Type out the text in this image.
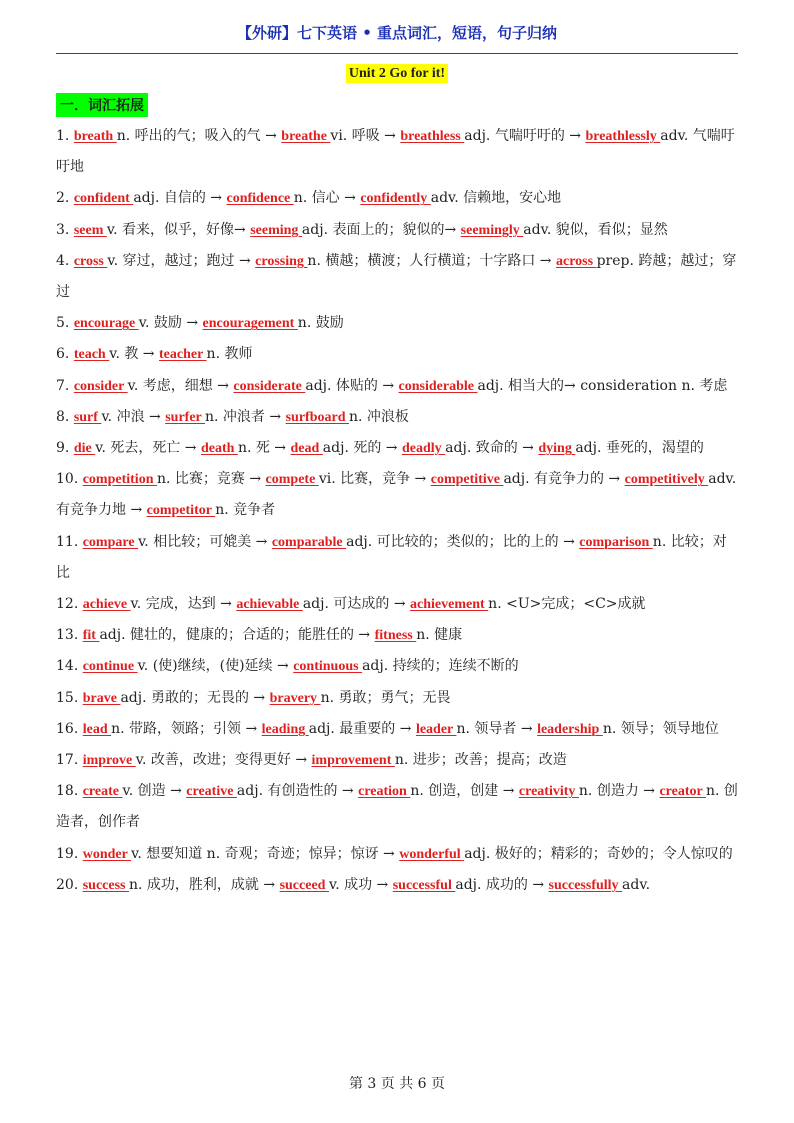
【外研】七下英语 • 重点词汇，短语，句子归纳
Unit 2 Go for it!
一．词汇拓展

1. breath n. 呼出的气；吸入的气 → breathe vi. 呼吸 → breathless adj. 气喘吁吁的 → breathlessly adv. 气喘吁吁地

2. confident adj. 自信的 → confidence n. 信心 → confidently adv. 信赖地，安心地

3. seem v. 看来，似乎，好像→ seeming adj. 表面上的；貌似的→ seemingly adv. 貌似，看似；显然

4. cross v. 穿过，越过；跑过 → crossing n. 横越；横渡；人行横道；十字路口 → across prep. 跨越；越过；穿过

5. encourage v. 鼓励 → encouragement n. 鼓励

6. teach v. 教 → teacher n. 教师

7. consider v. 考虑，细想 → considerate adj. 体贴的 → considerable adj. 相当大的→ consideration n. 考虑

8. surf v. 冲浪 → surfer n. 冲浪者 → surfboard n. 冲浪板

9. die v. 死去，死亡 → death n. 死 → dead adj. 死的 → deadly adj. 致命的 → dying adj. 垂死的，渴望的

10. competition n. 比赛；竞赛 → compete vi. 比赛，竞争 → competitive adj. 有竞争力的 → competitively adv. 有竞争力地 → competitor n. 竞争者

11. compare v. 相比较；可媲美 → comparable adj. 可比较的；类似的；比的上的 → comparison n. 比较；对比

12. achieve v. 完成，达到 → achievable adj. 可达成的 → achievement n. <U>完成；<C>成就

13. fit adj. 健壮的，健康的；合适的；能胜任的 → fitness n. 健康

14. continue v. (使)继续，(使)延续 → continuous adj. 持续的；连续不断的

15. brave adj. 勇敢的；无畏的 → bravery n. 勇敢；勇气；无畏

16. lead n. 带路，领路；引领 → leading adj. 最重要的 → leader n. 领导者 → leadership n. 领导；领导地位

17. improve v. 改善，改进；变得更好 → improvement n. 进步；改善；提高；改造

18. create v. 创造 → creative adj. 有创造性的 → creation n. 创造，创建 → creativity n. 创造力 → creator n. 创造者，创作者

19. wonder v. 想要知道 n. 奇观；奇迹；惊异；惊讶 → wonderful adj. 极好的；精彩的；奇妙的；令人惊叹的

20. success n. 成功，胜利，成就 → succeed v. 成功 → successful adj. 成功的 → successfully adv.

第 3 页 共 6 页
